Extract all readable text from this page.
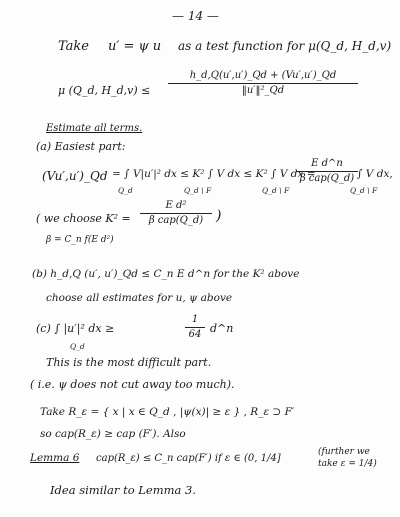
— 14 —
Take u′ = ψ u as a test function for μ(Q_d, H_d,v)
μ (Q_d, H_d,v) ≤
h_d,Q(u′,u′)_Qd + (Vu′,u′)_Qd
‖u′‖²_Qd
Estimate all terms.
(a) Easiest part:
(Vu′,u′)_Qd = ∫ V|u′|² dx ≤ K² ∫ V dx ≤ K² ∫ V dx =
Q_d	Q_d \ F	Q_d \ F
E d^n
β cap(Q_d) ∫ V dx,
Q_d \ F
( we choose K² =
E d²
β cap(Q_d) )
β = C_n f(E d²)
(b) h_d,Q (u′, u′)_Qd ≤ C_n E d^n for the K² above
choose all estimates for u, ψ above
(c) ∫ |u′|² dx ≥
1
64 d^n
Q_d
This is the most difficult part.
( i.e. ψ does not cut away too much).
Take R_ε = { x | x ∈ Q_d , |ψ(x)| ≥ ε } , R_ε ⊃ F′
so cap(R_ε) ≥ cap (F′). Also
Lemma 6 cap(R_ε) ≤ C_n cap(F′) if ε ∈ (0, 1/4]
(further we
take ε = 1/4)
Idea similar to Lemma 3.
